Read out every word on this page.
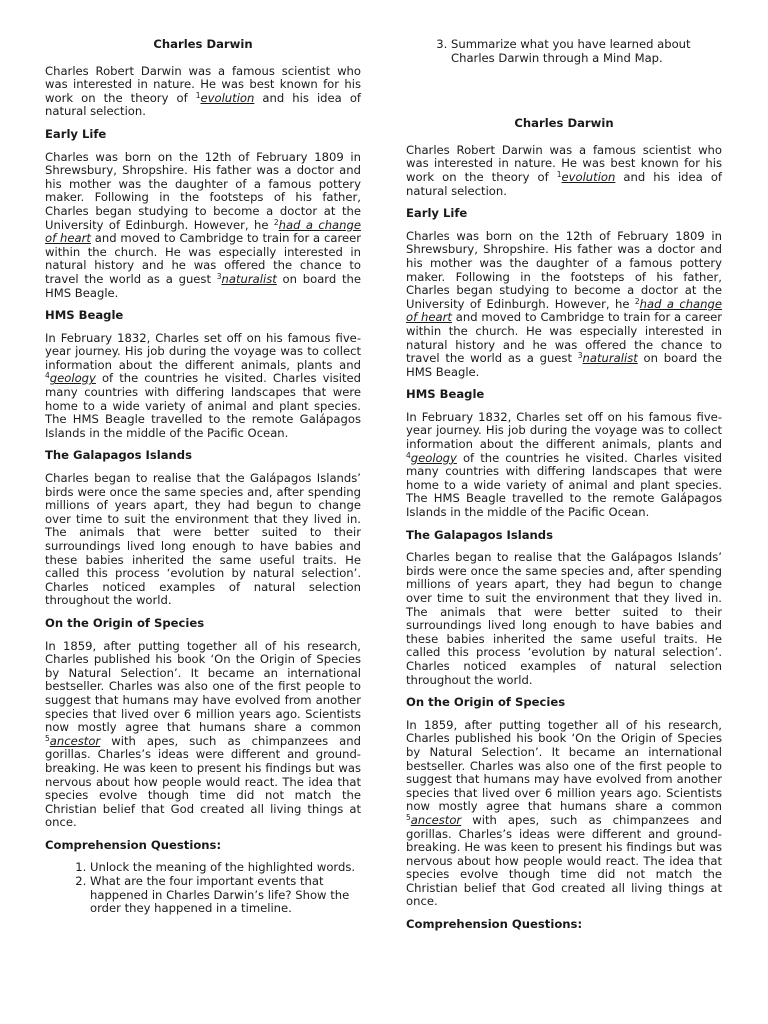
Charles Darwin

Charles Robert Darwin was a famous scientist who was interested in nature. He was best known for his work on the theory of $^1$evolution and his idea of natural selection.

Early Life

Charles was born on the 12th of February 1809 in Shrewsbury, Shropshire. His father was a doctor and his mother was the daughter of a famous pottery maker. Following in the footsteps of his father, Charles began studying to become a doctor at the University of Edinburgh. However, he $^2$had a change of heart and moved to Cambridge to train for a career within the church. He was especially interested in natural history and he was offered the chance to travel the world as a guest $^3$naturalist on board the HMS Beagle.

HMS Beagle

In February 1832, Charles set off on his famous five-year journey. His job during the voyage was to collect information about the different animals, plants and $^4$geology of the countries he visited. Charles visited many countries with differing landscapes that were home to a wide variety of animal and plant species. The HMS Beagle travelled to the remote Galápagos Islands in the middle of the Pacific Ocean.

The Galapagos Islands

Charles began to realise that the Galápagos Islands’ birds were once the same species and, after spending millions of years apart, they had begun to change over time to suit the environment that they lived in. The animals that were better suited to their surroundings lived long enough to have babies and these babies inherited the same useful traits. He called this process ‘evolution by natural selection’. Charles noticed examples of natural selection throughout the world.

On the Origin of Species

In 1859, after putting together all of his research, Charles published his book ‘On the Origin of Species by Natural Selection’. It became an international bestseller. Charles was also one of the first people to suggest that humans may have evolved from another species that lived over 6 million years ago. Scientists now mostly agree that humans share a common $^5$ancestor with apes, such as chimpanzees and gorillas. Charles’s ideas were different and ground-breaking. He was keen to present his findings but was nervous about how people would react. The idea that species evolve though time did not match the Christian belief that God created all living things at once.

Comprehension Questions:
1. Unlock the meaning of the highlighted words.
2. What are the four important events that happened in Charles Darwin’s life? Show the order they happened in a timeline.
3. Summarize what you have learned about Charles Darwin through a Mind Map.
Charles Darwin

Charles Robert Darwin was a famous scientist who was interested in nature. He was best known for his work on the theory of $^1$evolution and his idea of natural selection.

Early Life

Charles was born on the 12th of February 1809 in Shrewsbury, Shropshire. His father was a doctor and his mother was the daughter of a famous pottery maker. Following in the footsteps of his father, Charles began studying to become a doctor at the University of Edinburgh. However, he $^2$had a change of heart and moved to Cambridge to train for a career within the church. He was especially interested in natural history and he was offered the chance to travel the world as a guest $^3$naturalist on board the HMS Beagle.

HMS Beagle

In February 1832, Charles set off on his famous five-year journey. His job during the voyage was to collect information about the different animals, plants and $^4$geology of the countries he visited. Charles visited many countries with differing landscapes that were home to a wide variety of animal and plant species. The HMS Beagle travelled to the remote Galápagos Islands in the middle of the Pacific Ocean.

The Galapagos Islands

Charles began to realise that the Galápagos Islands’ birds were once the same species and, after spending millions of years apart, they had begun to change over time to suit the environment that they lived in. The animals that were better suited to their surroundings lived long enough to have babies and these babies inherited the same useful traits. He called this process ‘evolution by natural selection’. Charles noticed examples of natural selection throughout the world.

On the Origin of Species

In 1859, after putting together all of his research, Charles published his book ‘On the Origin of Species by Natural Selection’. It became an international bestseller. Charles was also one of the first people to suggest that humans may have evolved from another species that lived over 6 million years ago. Scientists now mostly agree that humans share a common $^5$ancestor with apes, such as chimpanzees and gorillas. Charles’s ideas were different and ground-breaking. He was keen to present his findings but was nervous about how people would react. The idea that species evolve though time did not match the Christian belief that God created all living things at once.

Comprehension Questions:
